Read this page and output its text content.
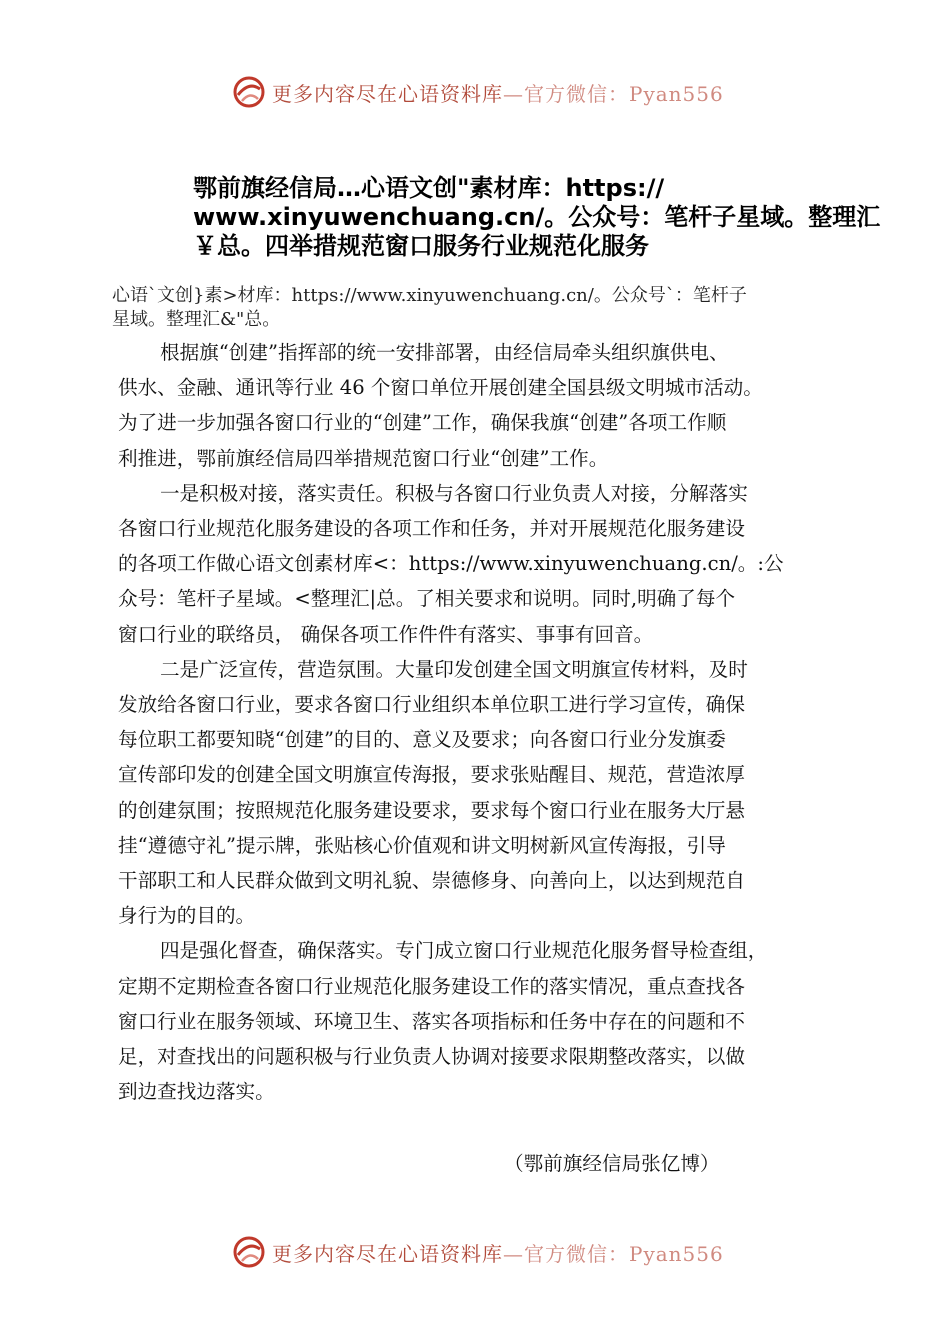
更多内容尽在心语资料库—官方微信：Pyan556
鄂前旗经信局…心语文创"素材库：https://
www.xinyuwenchuang.cn/。公众号：笔杆子星域。整理汇
￥总。四举措规范窗口服务行业规范化服务
心语`文创}素>材库：https://www.xinyuwenchuang.cn/。公众号`：笔杆子
星域。整理汇&"总。

根据旗“创建”指挥部的统一安排部署，由经信局牵头组织旗供电、
供水、金融、通讯等行业 46 个窗口单位开展创建全国县级文明城市活动。
为了进一步加强各窗口行业的“创建”工作，确保我旗“创建”各项工作顺
利推进，鄂前旗经信局四举措规范窗口行业“创建”工作。

一是积极对接，落实责任。积极与各窗口行业负责人对接，分解落实
各窗口行业规范化服务建设的各项工作和任务，并对开展规范化服务建设
的各项工作做心语文创素材库<：https://www.xinyuwenchuang.cn/。:公
众号：笔杆子星域。<整理汇|总。了相关要求和说明。同时,明确了每个
窗口行业的联络员， 确保各项工作件件有落实、事事有回音。

二是广泛宣传，营造氛围。大量印发创建全国文明旗宣传材料，及时
发放给各窗口行业，要求各窗口行业组织本单位职工进行学习宣传，确保
每位职工都要知晓“创建”的目的、意义及要求；向各窗口行业分发旗委
宣传部印发的创建全国文明旗宣传海报，要求张贴醒目、规范，营造浓厚
的创建氛围；按照规范化服务建设要求，要求每个窗口行业在服务大厅悬
挂“遵德守礼”提示牌，张贴核心价值观和讲文明树新风宣传海报，引导
干部职工和人民群众做到文明礼貌、崇德修身、向善向上，以达到规范自
身行为的目的。

四是强化督查，确保落实。专门成立窗口行业规范化服务督导检查组，
定期不定期检查各窗口行业规范化服务建设工作的落实情况，重点查找各
窗口行业在服务领域、环境卫生、落实各项指标和任务中存在的问题和不
足，对查找出的问题积极与行业负责人协调对接要求限期整改落实，以做
到边查找边落实。

（鄂前旗经信局张亿博）
更多内容尽在心语资料库—官方微信：Pyan556
